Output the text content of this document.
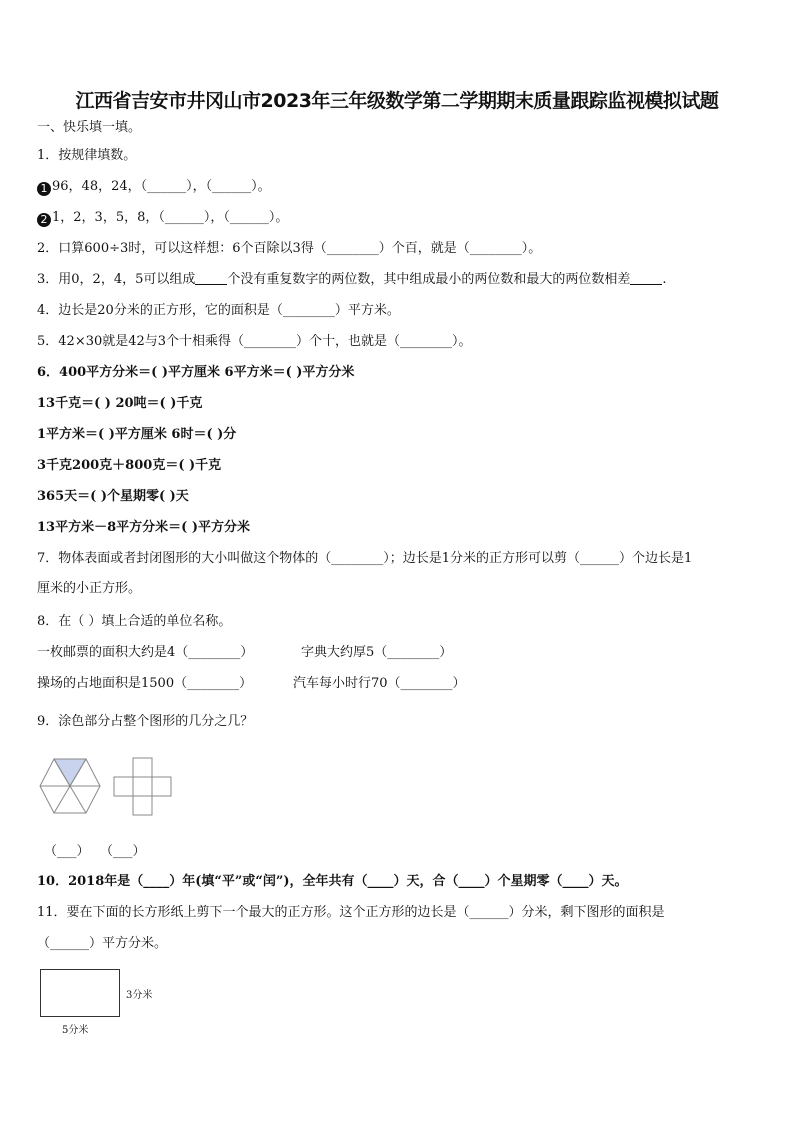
江西省吉安市井冈山市2023年三年级数学第二学期期末质量跟踪监视模拟试题
一、快乐填一填。
1．按规律填数。
1 96，48，24，（______），（______）。
2 1，2，3，5，8，（______），（______）。
2．口算600÷3时，可以这样想：6个百除以3得（________）个百，就是（________）。
3．用0，2，4，5可以组成 个没有重复数字的两位数，其中组成最小的两位数和最大的两位数相差 .
4．边长是20分米的正方形，它的面积是（________）平方米。
5．42×30就是42与3个十相乘得（________）个十，也就是（________）。
6．400平方分米＝( )平方厘米 6平方米＝( )平方分米
13千克＝( ) 20吨＝( )千克
1平方米＝( )平方厘米 6时＝( )分
3千克200克＋800克＝( )千克
365天＝( )个星期零( )天
13平方米－8平方分米＝( )平方分米
7．物体表面或者封闭图形的大小叫做这个物体的（________）；边长是1分米的正方形可以剪（______）个边长是1
厘米的小正方形。
8．在（ ）填上合适的单位名称。
一枚邮票的面积大约是4（________）	字典大约厚5（________）
操场的占地面积是1500（________）	汽车每小时行70（________）
9．涂色部分占整个图形的几分之几？
（___） （___）
10．2018年是（____）年(填“平”或“闰”)，全年共有（____）天，合（____）个星期零（____）天。
11．要在下面的长方形纸上剪下一个最大的正方形。这个正方形的边长是（______）分米，剩下图形的面积是
（______）平方分米。
3分米
5分米
